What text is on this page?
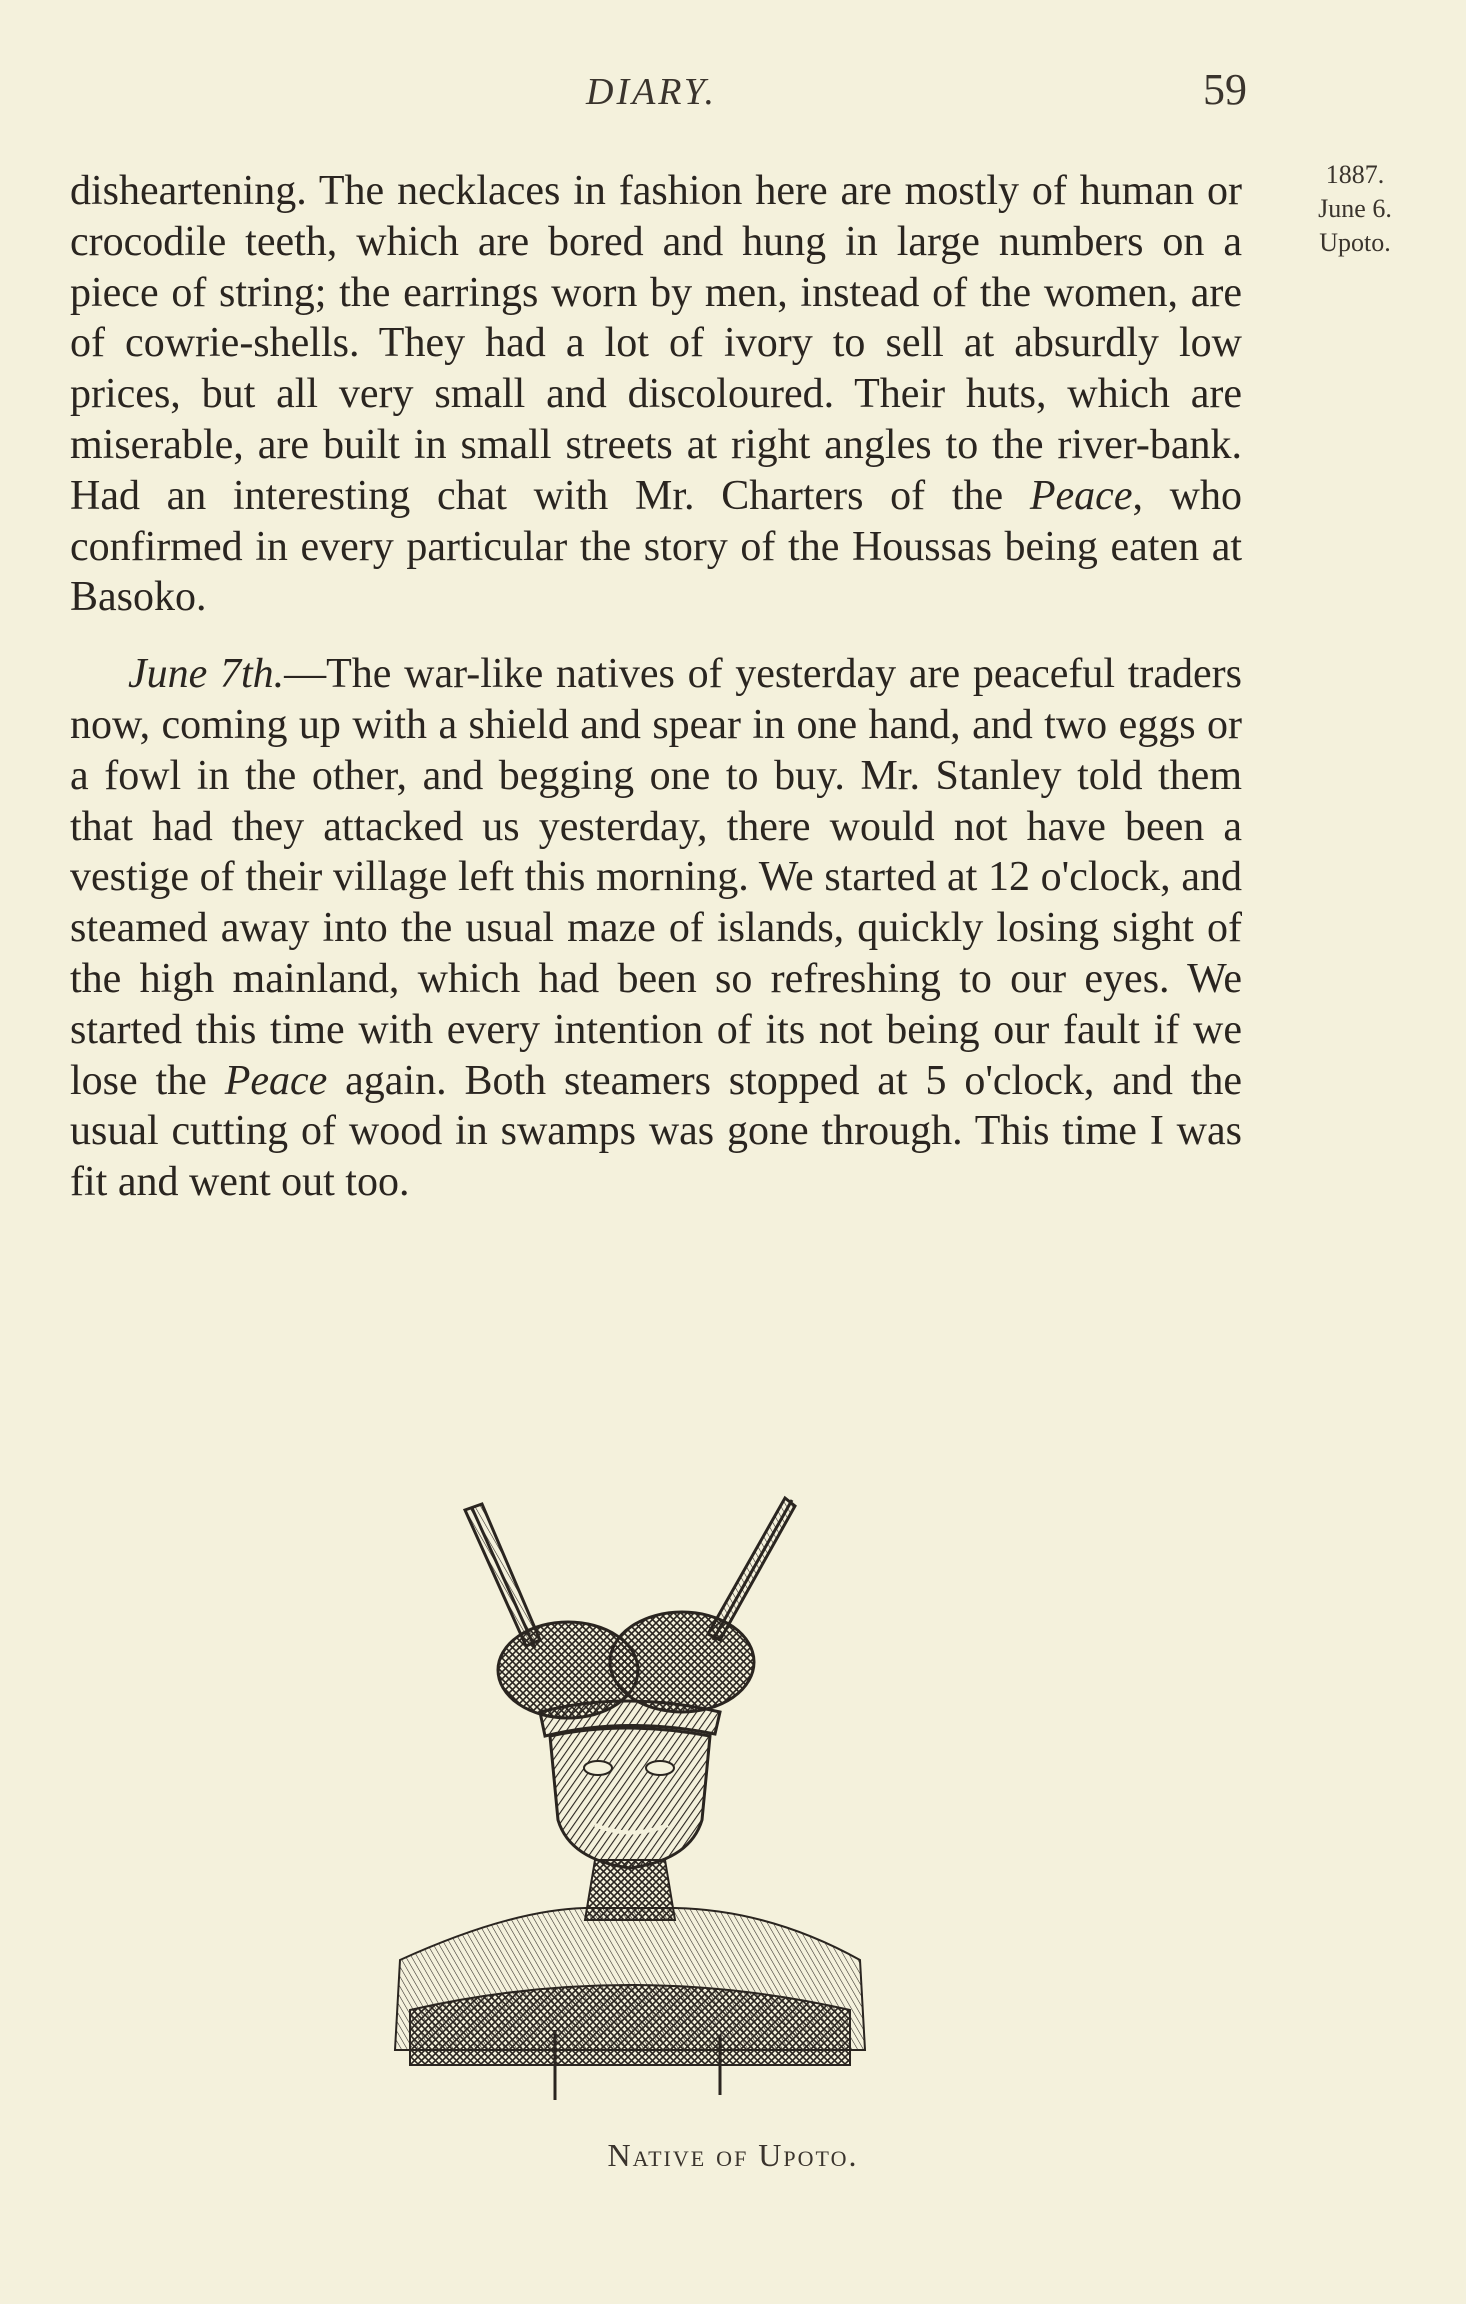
DIARY.	59
1887.
June 6.
Upoto.

disheartening. The necklaces in fashion here are mostly of human or crocodile teeth, which are bored and hung in large numbers on a piece of string; the earrings worn by men, instead of the women, are of cowrie-shells. They had a lot of ivory to sell at absurdly low prices, but all very small and discoloured. Their huts, which are miserable, are built in small streets at right angles to the river-bank. Had an interesting chat with Mr. Charters of the Peace, who confirmed in every particular the story of the Houssas being eaten at Basoko.

June 7th.—The war-like natives of yesterday are peaceful traders now, coming up with a shield and spear in one hand, and two eggs or a fowl in the other, and begging one to buy. Mr. Stanley told them that had they attacked us yesterday, there would not have been a vestige of their village left this morning. We started at 12 o'clock, and steamed away into the usual maze of islands, quickly losing sight of the high mainland, which had been so refreshing to our eyes. We started this time with every intention of its not being our fault if we lose the Peace again. Both steamers stopped at 5 o'clock, and the usual cutting of wood in swamps was gone through. This time I was fit and went out too.

Native of Upoto.
